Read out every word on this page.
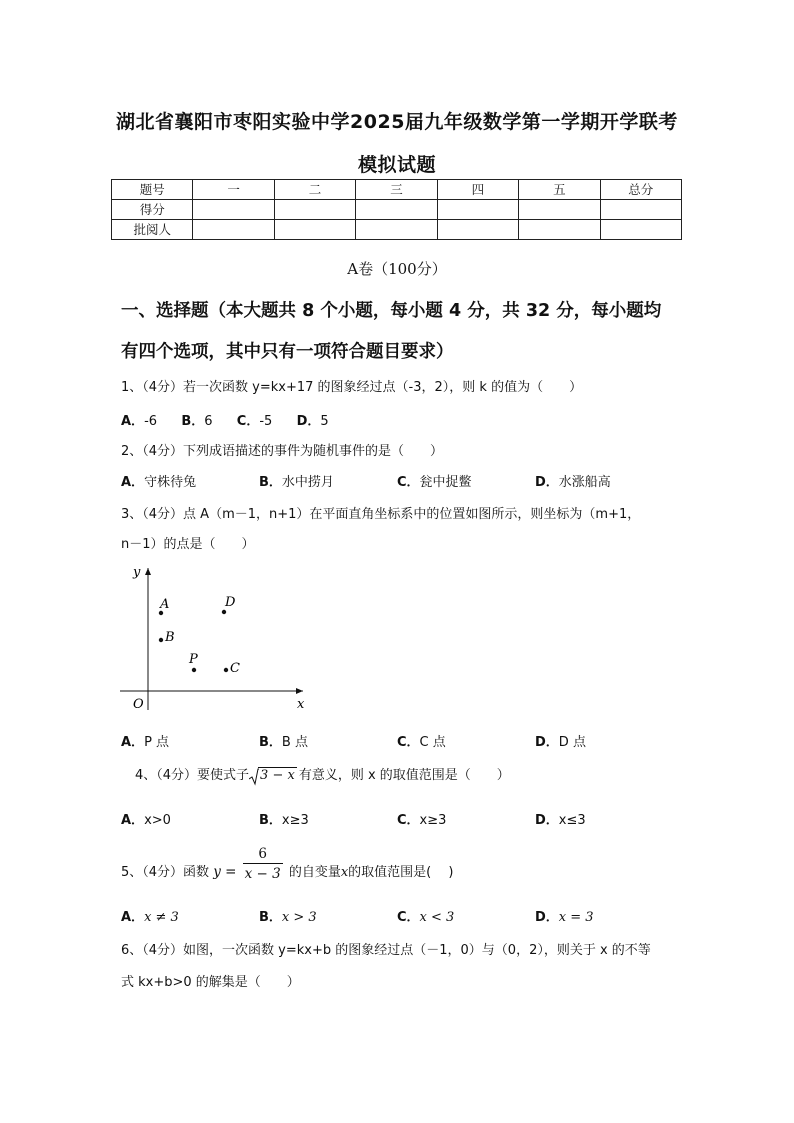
湖北省襄阳市枣阳实验中学2025届九年级数学第一学期开学联考
模拟试题
题号	一	二	三	四	五	总分
得分						
批阅人						
A卷（100分）
一、选择题（本大题共 8 个小题，每小题 4 分，共 32 分，每小题均
有四个选项，其中只有一项符合题目要求）
1、（4分）若一次函数 y=kx+17 的图象经过点（-3，2），则 k 的值为（　　）
A．-6 B．6 C．-5 D．5
2、（4分）下列成语描述的事件为随机事件的是（　　）
A．守株待兔	B．水中捞月	C．瓮中捉鳖	D．水涨船高
3、（4分）点 A（m－1，n+1）在平面直角坐标系中的位置如图所示，则坐标为（m+1，
n－1）的点是（　　）
x
y
O
A	D
B
P
C
A．P 点	B．B 点	C．C 点	D．D 点
4、（4分）要使式子 3 − x 有意义，则 x 的取值范围是（　　）
A．x>0	B．x≥3	C．x≥3	D．x≤3
5、（4分）函数 $y = \frac{6}{x - 3}$ 的自变量x的取值范围是(　 )
A．x ≠ 3	B．x > 3	C．x < 3	D．x = 3
6、（4分）如图，一次函数 y=kx+b 的图象经过点（－1，0）与（0，2），则关于 x 的不等
式 kx+b>0 的解集是（　　）
